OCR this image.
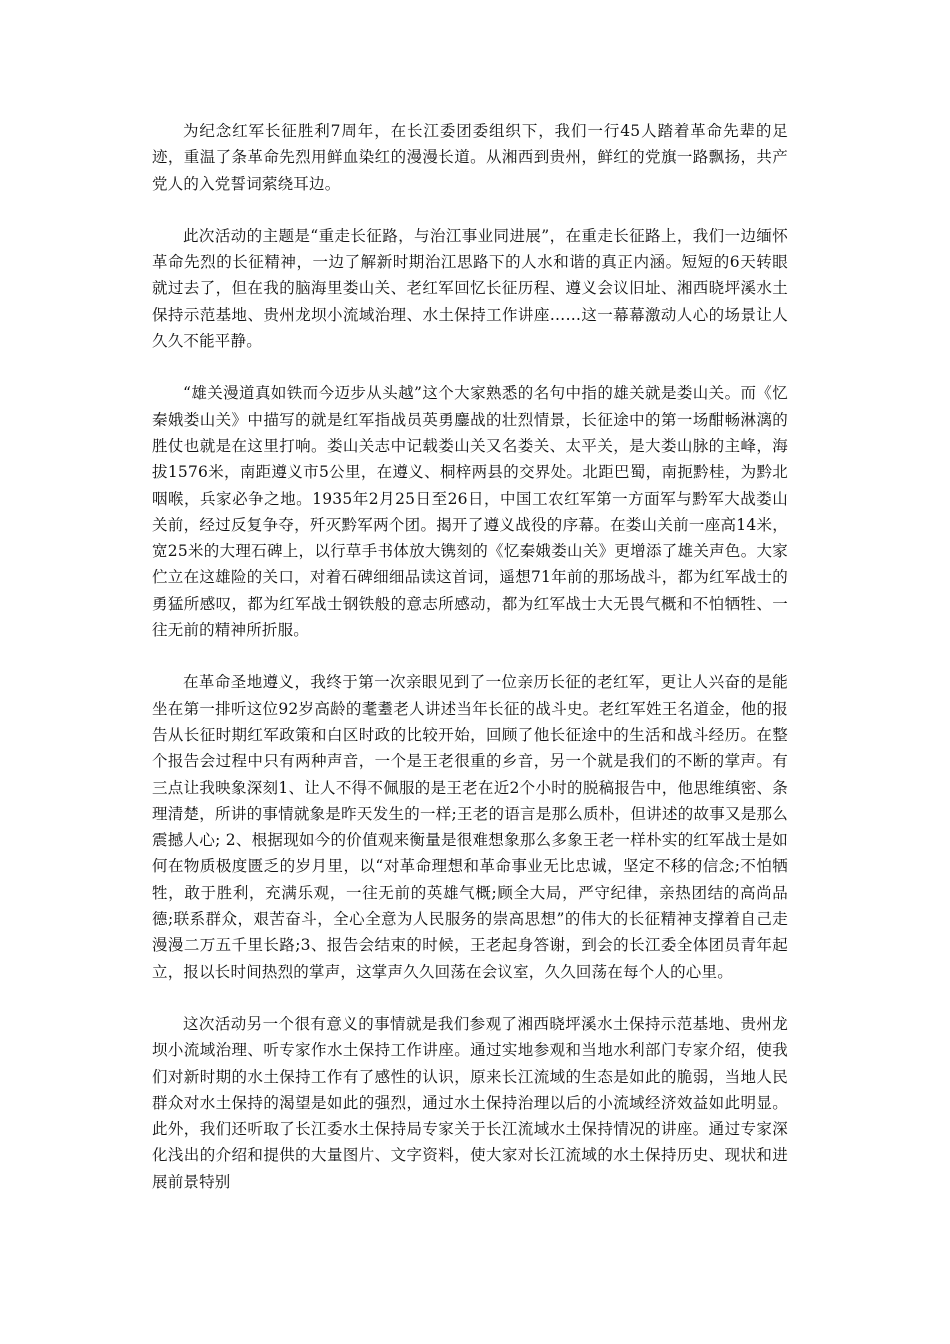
为纪念红军长征胜利7周年，在长江委团委组织下，我们一行45人踏着革命先辈的足迹，重温了条革命先烈用鲜血染红的漫漫长道。从湘西到贵州，鲜红的党旗一路飘扬，共产党人的入党誓词萦绕耳边。

此次活动的主题是“重走长征路，与治江事业同进展”，在重走长征路上，我们一边缅怀革命先烈的长征精神，一边了解新时期治江思路下的人水和谐的真正内涵。短短的6天转眼就过去了，但在我的脑海里娄山关、老红军回忆长征历程、遵义会议旧址、湘西晓坪溪水土保持示范基地、贵州龙坝小流域治理、水土保持工作讲座……这一幕幕激动人心的场景让人久久不能平静。

“雄关漫道真如铁而今迈步从头越”这个大家熟悉的名句中指的雄关就是娄山关。而《忆秦娥娄山关》中描写的就是红军指战员英勇鏖战的壮烈情景，长征途中的第一场酣畅淋漓的胜仗也就是在这里打响。娄山关志中记载娄山关又名娄关、太平关，是大娄山脉的主峰，海拔1576米，南距遵义市5公里，在遵义、桐梓两县的交界处。北距巴蜀，南扼黔桂，为黔北咽喉，兵家必争之地。1935年2月25日至26日，中国工农红军第一方面军与黔军大战娄山关前，经过反复争夺，歼灭黔军两个团。揭开了遵义战役的序幕。在娄山关前一座高14米，宽25米的大理石碑上，以行草手书体放大镌刻的《忆秦娥娄山关》更增添了雄关声色。大家伫立在这雄险的关口，对着石碑细细品读这首词，遥想71年前的那场战斗，都为红军战士的勇猛所感叹，都为红军战士钢铁般的意志所感动，都为红军战士大无畏气概和不怕牺牲、一往无前的精神所折服。

在革命圣地遵义，我终于第一次亲眼见到了一位亲历长征的老红军，更让人兴奋的是能坐在第一排听这位92岁高龄的耄耋老人讲述当年长征的战斗史。老红军姓王名道金，他的报告从长征时期红军政策和白区时政的比较开始，回顾了他长征途中的生活和战斗经历。在整个报告会过程中只有两种声音，一个是王老很重的乡音，另一个就是我们的不断的掌声。有三点让我映象深刻1、让人不得不佩服的是王老在近2个小时的脱稿报告中，他思维缜密、条理清楚，所讲的事情就象是昨天发生的一样;王老的语言是那么质朴，但讲述的故事又是那么震撼人心; 2、根据现如今的价值观来衡量是很难想象那么多象王老一样朴实的红军战士是如何在物质极度匮乏的岁月里，以“对革命理想和革命事业无比忠诚，坚定不移的信念;不怕牺牲，敢于胜利，充满乐观，一往无前的英雄气概;顾全大局，严守纪律，亲热团结的高尚品德;联系群众，艰苦奋斗，全心全意为人民服务的崇高思想”的伟大的长征精神支撑着自己走漫漫二万五千里长路;3、报告会结束的时候，王老起身答谢，到会的长江委全体团员青年起立，报以长时间热烈的掌声，这掌声久久回荡在会议室，久久回荡在每个人的心里。

这次活动另一个很有意义的事情就是我们参观了湘西晓坪溪水土保持示范基地、贵州龙坝小流域治理、听专家作水土保持工作讲座。通过实地参观和当地水利部门专家介绍，使我们对新时期的水土保持工作有了感性的认识，原来长江流域的生态是如此的脆弱，当地人民群众对水土保持的渴望是如此的强烈，通过水土保持治理以后的小流域经济效益如此明显。此外，我们还听取了长江委水土保持局专家关于长江流域水土保持情况的讲座。通过专家深化浅出的介绍和提供的大量图片、文字资料，使大家对长江流域的水土保持历史、现状和进展前景特别
